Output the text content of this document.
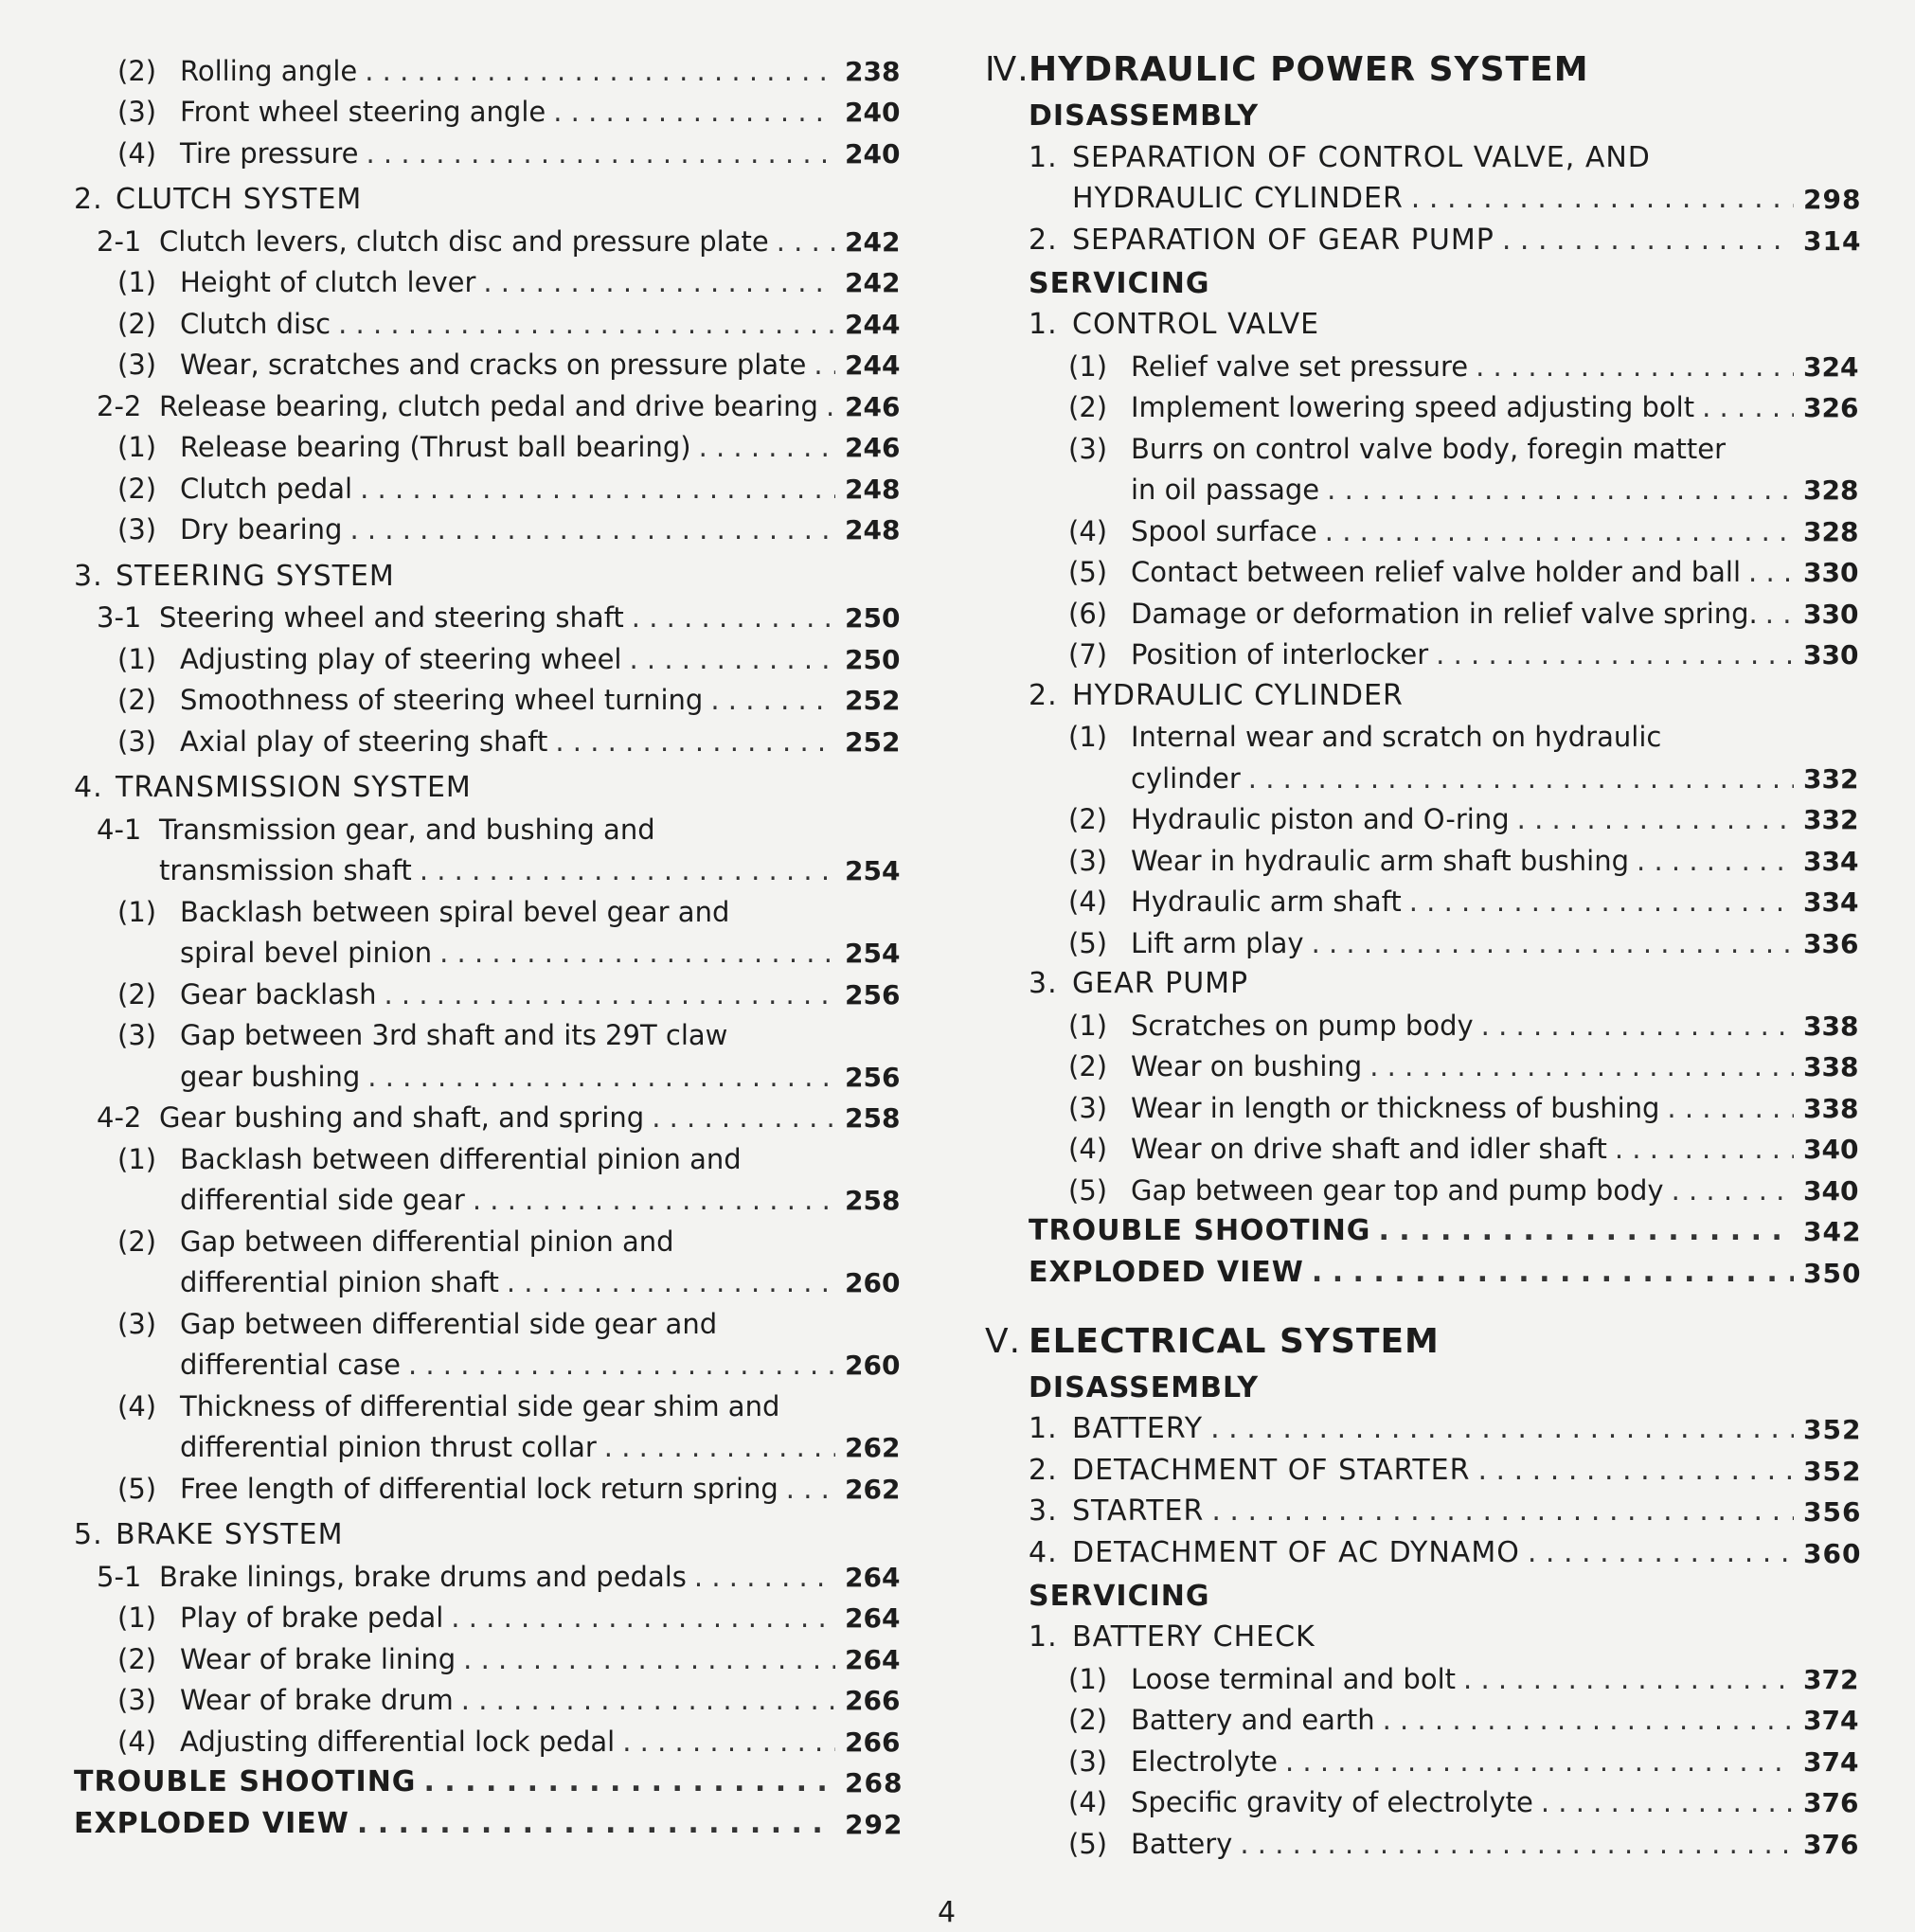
(2) Rolling angle . . .	238
(3) Front wheel steering angle . . .	240
(4) Tire pressure . . .	240
2. CLUTCH SYSTEM
2-1 Clutch levers, clutch disc and pressure plate . . .	242
(1) Height of clutch lever . . .	242
(2) Clutch disc . . .	244
(3) Wear, scratches and cracks on pressure plate . . . 244
2-2 Release bearing, clutch pedal and drive bearing . . . 246
(1) Release bearing (Thrust ball bearing) . . .	246
(2) Clutch pedal . . .	248
(3) Dry bearing . . .	248
3. STEERING SYSTEM
3-1 Steering wheel and steering shaft . . .	250
(1) Adjusting play of steering wheel . . .	250
(2) Smoothness of steering wheel turning . . .	252
(3) Axial play of steering shaft . . .	252
4. TRANSMISSION SYSTEM
4-1 Transmission gear, and bushing and
transmission shaft . . .	254
(1) Backlash between spiral bevel gear and
spiral bevel pinion . . .	254
(2) Gear backlash . . .	256
(3) Gap between 3rd shaft and its 29T claw
gear bushing . . .	256
4-2 Gear bushing and shaft, and spring . . .	258
(1) Backlash between differential pinion and
differential side gear . . .	258
(2) Gap between differential pinion and
differential pinion shaft . . .	260
(3) Gap between differential side gear and
differential case . . .	260
(4) Thickness of differential side gear shim and
differential pinion thrust collar . . .	262
(5) Free length of differential lock return spring . . .	262
5. BRAKE SYSTEM
5-1 Brake linings, brake drums and pedals . . .	264
(1) Play of brake pedal . . .	264
(2) Wear of brake lining . . .	264
(3) Wear of brake drum . . .	266
(4) Adjusting differential lock pedal . . .	266
TROUBLE SHOOTING . . .	268
EXPLODED VIEW . . .	292
Ⅳ. HYDRAULIC POWER SYSTEM
DISASSEMBLY
1. SEPARATION OF CONTROL VALVE, AND
HYDRAULIC CYLINDER . . .	298
2. SEPARATION OF GEAR PUMP . . .	314
SERVICING
1. CONTROL VALVE
(1) Relief valve set pressure . . .	324
(2) Implement lowering speed adjusting bolt . . .	326
(3) Burrs on control valve body, foregin matter
in oil passage . . .	328
(4) Spool surface . . .	328
(5) Contact between relief valve holder and ball . . . 330
(6) Damage or deformation in relief valve spring. . . . 330
(7) Position of interlocker . . .	330
2. HYDRAULIC CYLINDER
(1) Internal wear and scratch on hydraulic
cylinder . . .	332
(2) Hydraulic piston and O-ring . . .	332
(3) Wear in hydraulic arm shaft bushing . . .	334
(4) Hydraulic arm shaft . . .	334
(5) Lift arm play . . .	336
3. GEAR PUMP
(1) Scratches on pump body . . .	338
(2) Wear on bushing . . .	338
(3) Wear in length or thickness of bushing . . .	338
(4) Wear on drive shaft and idler shaft . . .	340
(5) Gap between gear top and pump body . . .	340
TROUBLE SHOOTING . . .	342
EXPLODED VIEW . . .	350
Ⅴ. ELECTRICAL SYSTEM
DISASSEMBLY
1. BATTERY . . .	352
2. DETACHMENT OF STARTER . . .	352
3. STARTER . . .	356
4. DETACHMENT OF AC DYNAMO . . .	360
SERVICING
1. BATTERY CHECK
(1) Loose terminal and bolt . . .	372
(2) Battery and earth . . .	374
(3) Electrolyte . . .	374
(4) Specific gravity of electrolyte . . .	376
(5) Battery . . .	376
4
